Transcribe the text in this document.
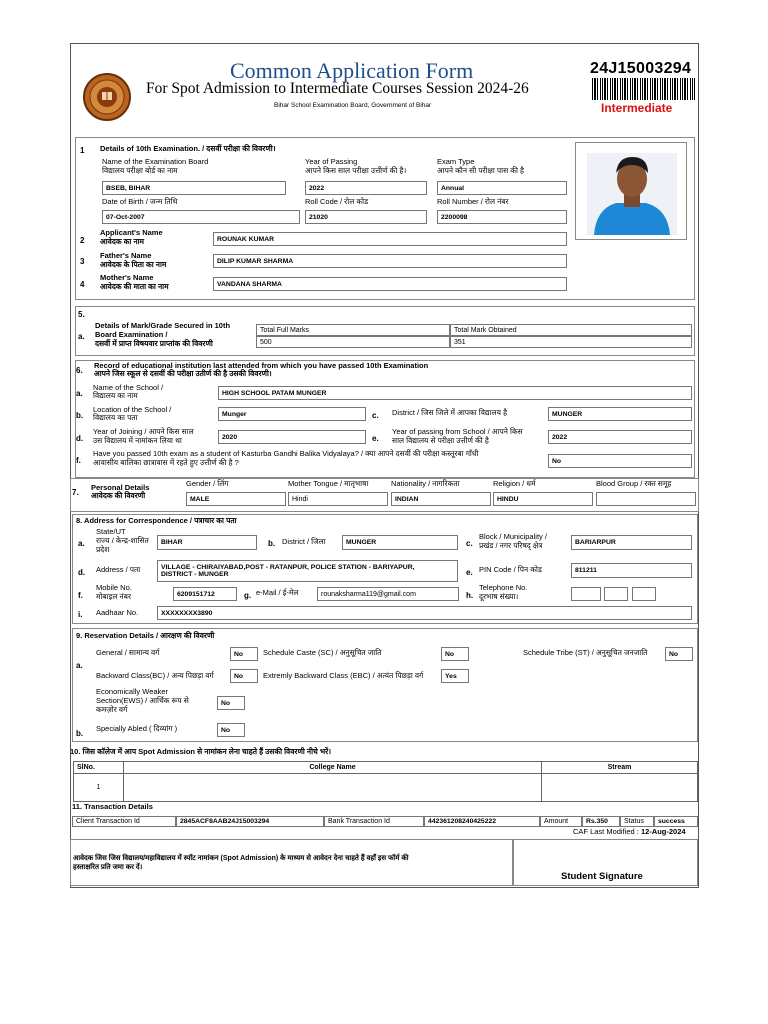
Common Application Form
For Spot Admission to Intermediate Courses Session 2024-26
Bihar School Examination Board, Government of Bihar
24J15003294
Intermediate
1 Details of 10th Examination. / दसवीं परीक्षा की विवरणी।
Name of the Examination Board
विद्यालय परीक्षा बोर्ड का नाम
BSEB, BIHAR
Year of Passing
आपने किस साल परीक्षा उत्तीर्ण की है।
2022
Exam Type
आपने कौन सी परीक्षा पास की है
Annual
Date of Birth / जन्म तिथि
07-Oct-2007
Roll Code / रोल कोड
21020
Roll Number / रोल नंबर
2200098
2
Applicant's Name
आवेदक का नाम	ROUNAK KUMAR
3
Father's Name
आवेदक के पिता का नाम	DILIP KUMAR SHARMA
4
Mother's Name
आवेदक की माता का नाम	VANDANA SHARMA
5.
a.
Details of Mark/Grade Secured in 10th
Board Examination /
दसवीं में प्राप्त विषयवार प्राप्तांक की विवरणी
Total Full Marks
500
Total Mark Obtained
351
6.
Record of educational institution last attended from which you have passed 10th Examination
आपने जिस स्कूल से दसवीं की परीक्षा उतीर्ण की है उसकी विवरणी।
a.
Name of the School /
विद्यालय का नाम	HIGH SCHOOL PATAM MUNGER
b.
Location of the School /
विद्यालय का पता	Munger	c. District / जिस जिले में आपका विद्यालय है	MUNGER
d.
Year of Joining / आपने किस साल
उस विद्यालय में नामांकन लिया था	2020	e.
Year of passing from School / आपने किस
साल विद्यालय से परीक्षा उत्तीर्ण की है	2022
f.
Have you passed 10th exam as a student of Kasturba Gandhi Balika Vidyalaya? / क्या आपने दसवीं की परीक्षा कस्तूरबा गाँधी
आवासीय बालिका छात्रावास में रहते हुए उत्तीर्ण की है ?	No
7.
Personal Details
आवेदक की विवरणी
Gender / लिंग
MALE
Mother Tongue / मातृभाषा
Hindi
Nationality / नागरिकता
INDIAN
Religion / धर्म
HINDU
Blood Group / रक्त समूह
8. Address for Correspondence / पत्राचार का पता
a.
State/UT
राज्य / केन्द्र-शासित
प्रदेश
BIHAR	b. District / जिला	MUNGER	c.
Block / Municipality /
प्रखंड / नगर परिषद् क्षेत्र	BARIARPUR
d. Address / पता	VILLAGE - CHIRAIYABAD,POST - RATANPUR, POLICE STATION - BARIYAPUR,
DISTRICT - MUNGER	e. PIN Code / पिन कोड	811211
f.
Mobile No.
मोबाइल नंबर	6209151712	g. e-Mail / ई-मेल	rounaksharma119@gmail.com	h.
Telephone No.
दूरभाष संख्या।
i. Aadhaar No.	XXXXXXXX3890
9. Reservation Details / आरक्षण की विवरणी
a.
b.
General / सामान्य वर्ग	No	Schedule Caste (SC) / अनुसूचित जाति	No	Schedule Tribe (ST) / अनुसूचित जनजाति	No
Backward Class(BC) / अन्य पिछड़ा वर्ग	No	Extremly Backward Class (EBC) / अत्यंत पिछड़ा वर्ग	Yes
Economically Weaker
Section(EWS) / आर्थिक रूप से
कमज़ोर वर्ग
No
Specially Abled ( दिव्यांग )	No
10. जिस कॉलेज में आप Spot Admission से नामांकन लेना चाहते हैं उसकी विवरणी नीचे भरें।
SlNo.	College Name	Stream
1		
11. Transaction Details
Client Transaction Id	2845ACF8AAB24J15003294	Bank Transaction Id	442361208240425222	Amount	Rs.350	Status	success
CAF Last Modified : 12-Aug-2024
आवेदक जिस जिस विद्यालय/महाविद्यालय में स्पॉट नामांकन (Spot Admission) के माध्यम से आवेदन देना चाहते हैं वहाँ इस फॉर्म की
हस्ताक्षरित प्रति जमा कर दें।
Student Signature
